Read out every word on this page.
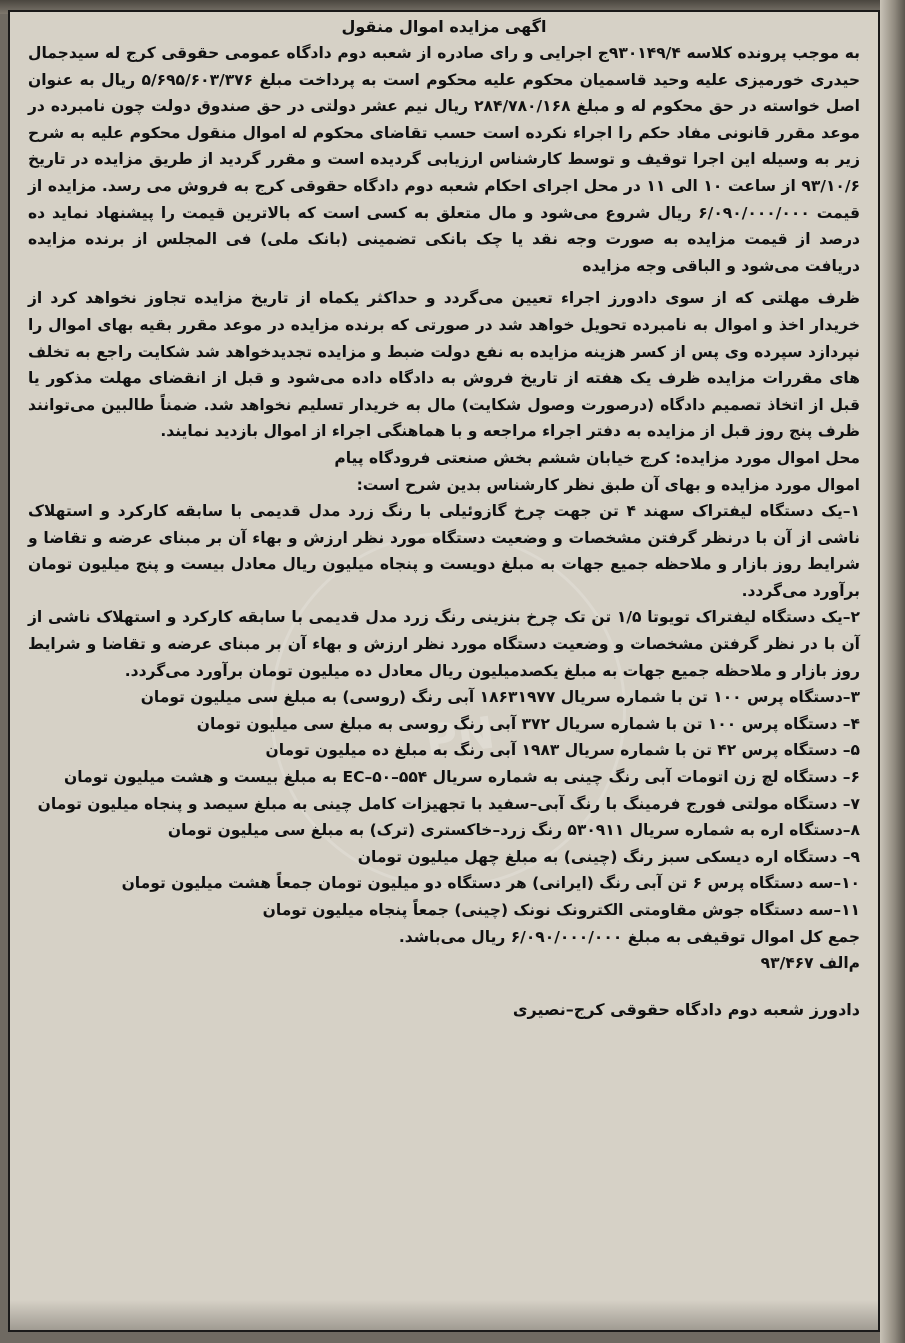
PN
اگهی مزایده اموال منقول

به موجب پرونده کلاسه ۹۳۰۱۴۹/۴ج اجرایی و رای صادره از شعبه دوم دادگاه عمومی حقوقی کرج له سیدجمال حیدری خورمیزی علیه وحید قاسمیان محکوم علیه محکوم است به پرداخت مبلغ ۵/۶۹۵/۶۰۳/۳۷۶ ریال به عنوان اصل خواسته در حق محکوم له و مبلغ ۲۸۴/۷۸۰/۱۶۸ ریال نیم عشر دولتی در حق صندوق دولت چون نامبرده در موعد مقرر قانونی مفاد حکم را اجراء نکرده است حسب تقاضای محکوم له اموال منقول محکوم علیه به شرح زیر به وسیله این اجرا توقیف و توسط کارشناس ارزیابی گردیده است و مقرر گردید از طریق مزایده در تاریخ ۹۳/۱۰/۶ از ساعت ۱۰ الی ۱۱ در محل اجرای احکام شعبه دوم دادگاه حقوقی کرج به فروش می رسد. مزایده از قیمت ۶/۰۹۰/۰۰۰/۰۰۰ ریال شروع می‌شود و مال متعلق به کسی است که بالاترین قیمت را پیشنهاد نماید ده درصد از قیمت مزایده به صورت وجه نقد یا چک بانکی تضمینی (بانک ملی) فی المجلس از برنده مزایده دریافت می‌شود و الباقی وجه مزایده

ظرف مهلتی که از سوی دادورز اجراء تعیین می‌گردد و حداکثر یکماه از تاریخ مزایده تجاوز نخواهد کرد از خریدار اخذ و اموال به نامبرده تحویل خواهد شد در صورتی که برنده مزایده در موعد مقرر بقیه بهای اموال را نپردازد سپرده وی پس از کسر هزینه مزایده به نفع دولت ضبط و مزایده تجدیدخواهد شد شکایت راجع به تخلف های مقررات مزایده ظرف یک هفته از تاریخ فروش به دادگاه داده می‌شود و قبل از انقضای مهلت مذکور یا قبل از اتخاذ تصمیم دادگاه (درصورت وصول شکایت) مال به خریدار تسلیم نخواهد شد. ضمناً طالبین می‌توانند ظرف پنج روز قبل از مزایده به دفتر اجراء مراجعه و با هماهنگی اجراء از اموال بازدید نمایند.

محل اموال مورد مزایده: کرج خیابان ششم بخش صنعتی فرودگاه پیام

اموال مورد مزایده و بهای آن طبق نظر کارشناس بدین شرح است:

۱–یک دستگاه لیفتراک سهند ۴ تن جهت چرخ گازوئیلی با رنگ زرد مدل قدیمی با سابقه کارکرد و استهلاک ناشی از آن با درنظر گرفتن مشخصات و وضعیت دستگاه مورد نظر ارزش و بهاء آن بر مبنای عرضه و تقاضا و شرایط روز بازار و ملاحظه جمیع جهات به مبلغ دویست و پنجاه میلیون ریال معادل بیست و پنج میلیون تومان برآورد می‌گردد.

۲–یک دستگاه لیفتراک تویوتا ۱/۵ تن تک چرخ بنزینی رنگ زرد مدل قدیمی با سابقه کارکرد و استهلاک ناشی از آن با در نظر گرفتن مشخصات و وضعیت دستگاه مورد نظر ارزش و بهاء آن بر مبنای عرضه و تقاضا و شرایط روز بازار و ملاحظه جمیع جهات به مبلغ یکصدمیلیون ریال معادل ده میلیون تومان برآورد می‌گردد.

۳–دستگاه پرس ۱۰۰ تن با شماره سریال ۱۸۶۳۱۹۷۷ آبی رنگ (روسی) به مبلغ سی میلیون تومان

۴– دستگاه پرس ۱۰۰ تن با شماره سریال ۳۷۲ آبی رنگ روسی به مبلغ سی میلیون تومان

۵– دستگاه پرس ۴۲ تن با شماره سریال ۱۹۸۳ آبی رنگ به مبلغ ده میلیون تومان

۶– دستگاه لچ زن اتومات آبی رنگ چینی به شماره سریال ۵۵۴–۵۰–EC به مبلغ بیست و هشت میلیون تومان

۷– دستگاه مولتی فورج فرمینگ با رنگ آبی–سفید با تجهیزات کامل چینی به مبلغ سیصد و پنجاه میلیون تومان

۸–دستگاه اره به شماره سریال ۵۳۰۹۱۱ رنگ زرد–خاکستری (ترک) به مبلغ سی میلیون تومان

۹– دستگاه اره دیسکی سبز رنگ (چینی) به مبلغ چهل میلیون تومان

۱۰–سه دستگاه پرس ۶ تن آبی رنگ (ایرانی) هر دستگاه دو میلیون تومان جمعاً هشت میلیون تومان

۱۱–سه دستگاه جوش مقاومتی الکترونک نونک (چینی) جمعاً پنجاه میلیون تومان

جمع کل اموال توقیفی به مبلغ ۶/۰۹۰/۰۰۰/۰۰۰ ریال می‌باشد.

م‌الف ۹۳/۴۶۷

دادورز شعبه دوم دادگاه حقوقی کرج–نصیری
